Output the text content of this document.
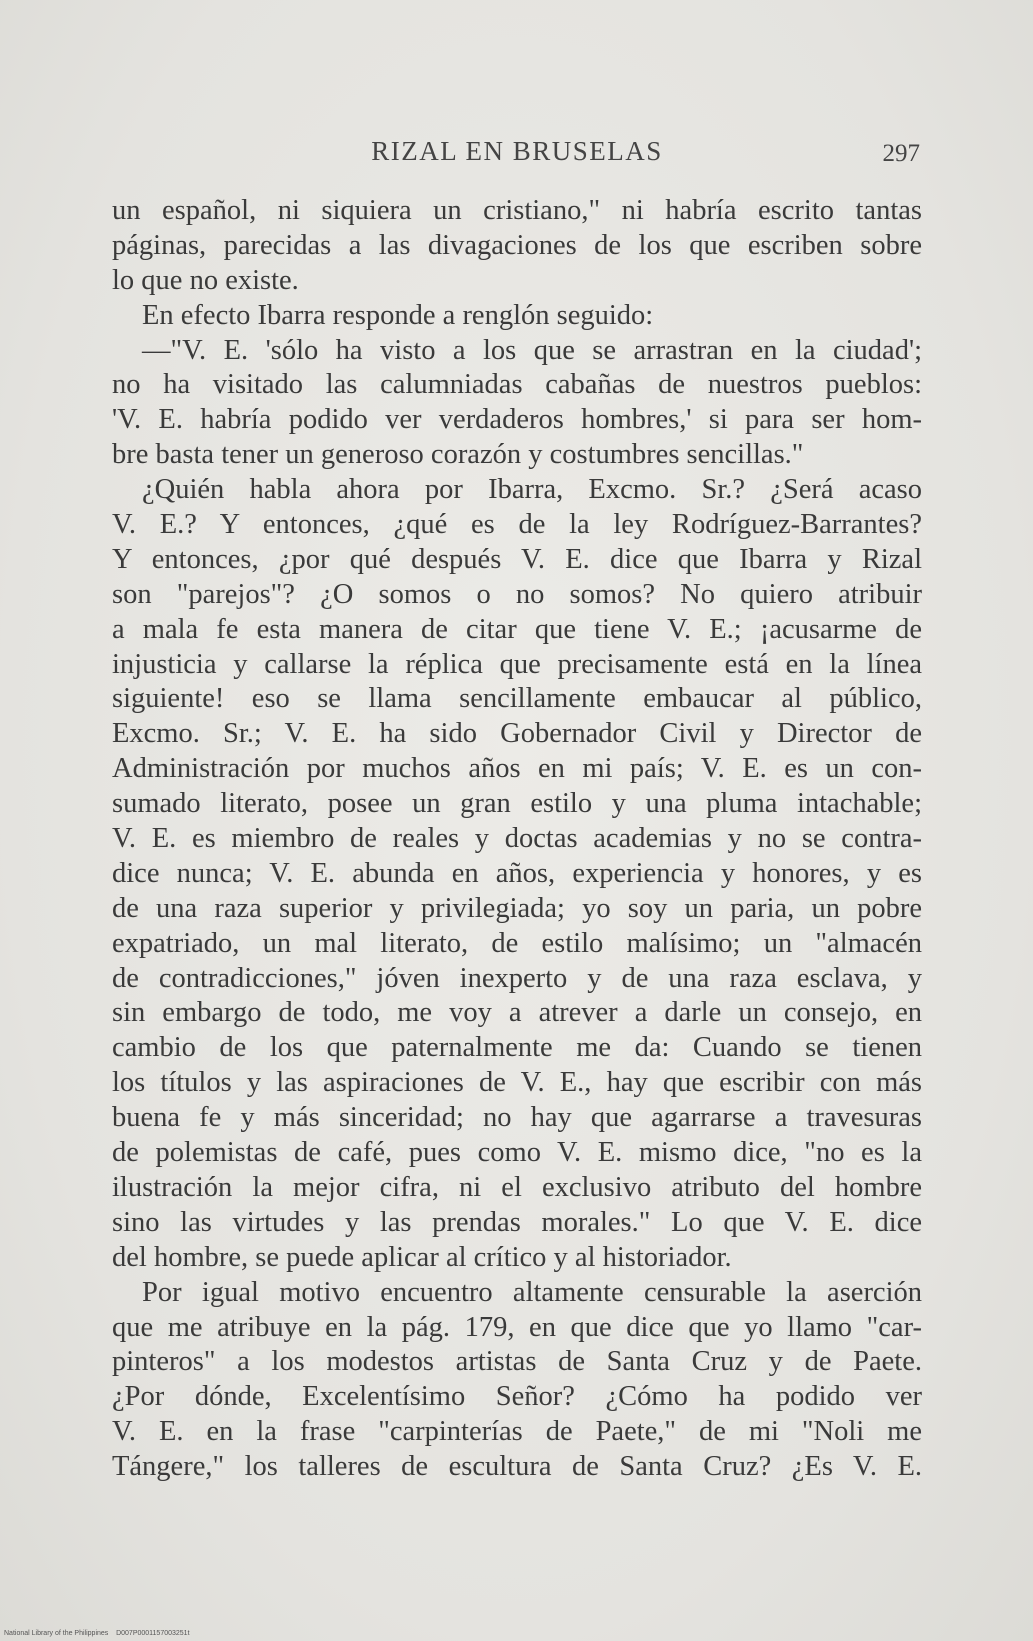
RIZAL EN BRUSELAS	297
un español, ni siquiera un cristiano," ni habría escrito tantas
páginas, parecidas a las divagaciones de los que escriben sobre
lo que no existe.
En efecto Ibarra responde a renglón seguido:
—"V. E. 'sólo ha visto a los que se arrastran en la ciudad';
no ha visitado las calumniadas cabañas de nuestros pueblos:
'V. E. habría podido ver verdaderos hombres,' si para ser hom-
bre basta tener un generoso corazón y costumbres sencillas."
¿Quién habla ahora por Ibarra, Excmo. Sr.? ¿Será acaso
V. E.? Y entonces, ¿qué es de la ley Rodríguez-Barrantes?
Y entonces, ¿por qué después V. E. dice que Ibarra y Rizal
son "parejos"? ¿O somos o no somos? No quiero atribuir
a mala fe esta manera de citar que tiene V. E.; ¡acusarme de
injusticia y callarse la réplica que precisamente está en la línea
siguiente! eso se llama sencillamente embaucar al público,
Excmo. Sr.; V. E. ha sido Gobernador Civil y Director de
Administración por muchos años en mi país; V. E. es un con-
sumado literato, posee un gran estilo y una pluma intachable;
V. E. es miembro de reales y doctas academias y no se contra-
dice nunca; V. E. abunda en años, experiencia y honores, y es
de una raza superior y privilegiada; yo soy un paria, un pobre
expatriado, un mal literato, de estilo malísimo; un "almacén
de contradicciones," jóven inexperto y de una raza esclava, y
sin embargo de todo, me voy a atrever a darle un consejo, en
cambio de los que paternalmente me da: Cuando se tienen
los títulos y las aspiraciones de V. E., hay que escribir con más
buena fe y más sinceridad; no hay que agarrarse a travesuras
de polemistas de café, pues como V. E. mismo dice, "no es la
ilustración la mejor cifra, ni el exclusivo atributo del hombre
sino las virtudes y las prendas morales." Lo que V. E. dice
del hombre, se puede aplicar al crítico y al historiador.
Por igual motivo encuentro altamente censurable la aserción
que me atribuye en la pág. 179, en que dice que yo llamo "car-
pinteros" a los modestos artistas de Santa Cruz y de Paete.
¿Por dónde, Excelentísimo Señor? ¿Cómo ha podido ver
V. E. en la frase "carpinterías de Paete," de mi "Noli me
Tángere," los talleres de escultura de Santa Cruz? ¿Es V. E.
National Library of the Philippines D007P0001157003251t
